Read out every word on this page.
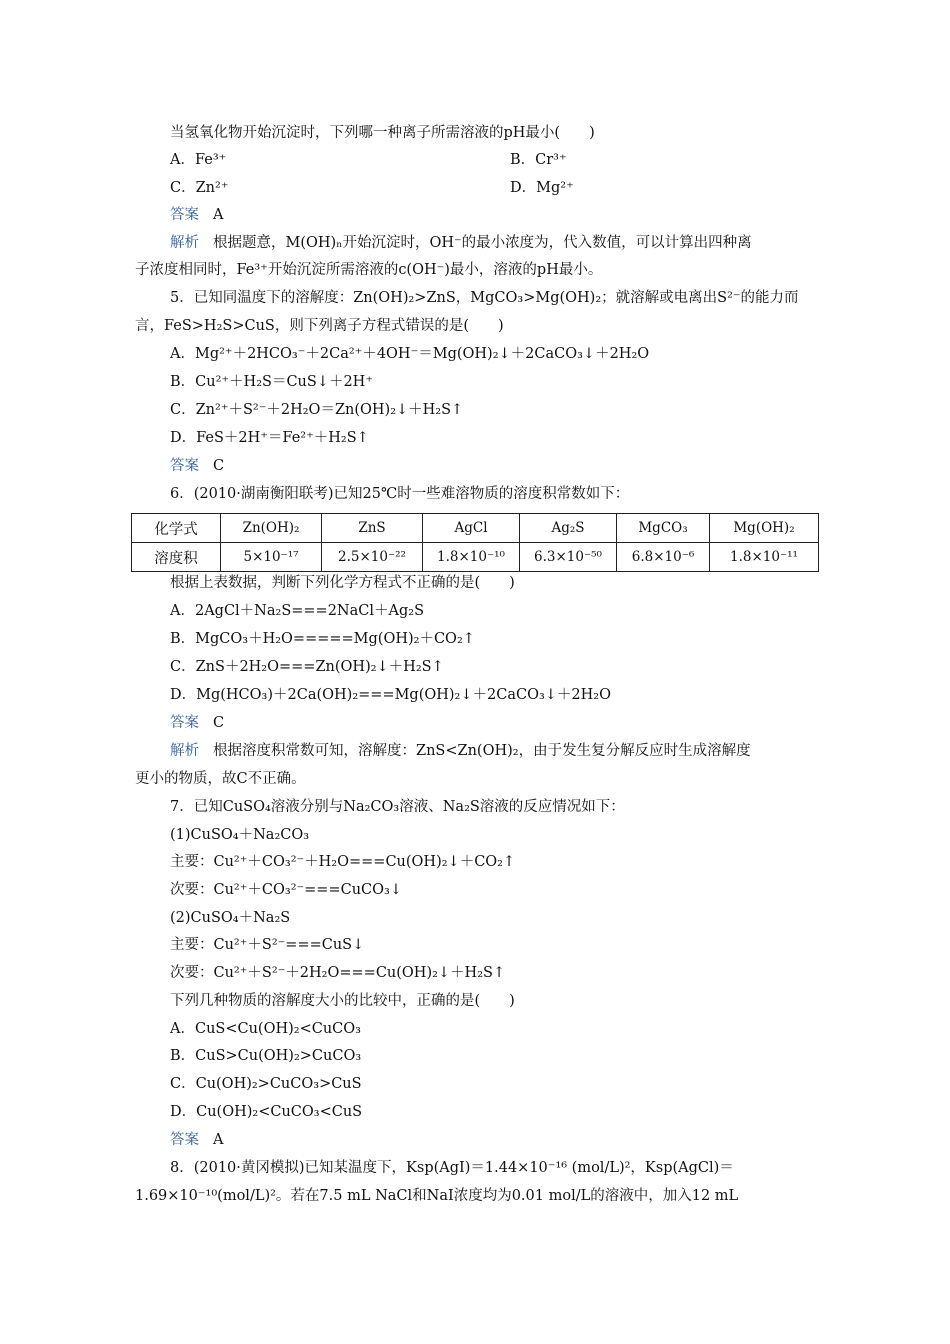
当氢氧化物开始沉淀时，下列哪一种离子所需溶液的pH最小(　　)
A．Fe³⁺	B．Cr³⁺
C．Zn²⁺	D．Mg²⁺
答案 A
解析 根据题意，M(OH)ₙ开始沉淀时，OH⁻的最小浓度为，代入数值，可以计算出四种离
子浓度相同时，Fe³⁺开始沉淀所需溶液的c(OH⁻)最小，溶液的pH最小。
5．已知同温度下的溶解度：Zn(OH)₂>ZnS，MgCO₃>Mg(OH)₂；就溶解或电离出S²⁻的能力而
言，FeS>H₂S>CuS，则下列离子方程式错误的是(　　)
A．Mg²⁺＋2HCO₃⁻＋2Ca²⁺＋4OH⁻＝Mg(OH)₂↓＋2CaCO₃↓＋2H₂O
B．Cu²⁺＋H₂S＝CuS↓＋2H⁺
C．Zn²⁺＋S²⁻＋2H₂O＝Zn(OH)₂↓＋H₂S↑
D．FeS＋2H⁺＝Fe²⁺＋H₂S↑
答案 C
6．(2010·湖南衡阳联考)已知25℃时一些难溶物质的溶度积常数如下：
化学式	Zn(OH)₂	ZnS	AgCl	Ag₂S	MgCO₃	Mg(OH)₂
溶度积	5×10⁻¹⁷	2.5×10⁻²²	1.8×10⁻¹⁰	6.3×10⁻⁵⁰	6.8×10⁻⁶	1.8×10⁻¹¹
根据上表数据，判断下列化学方程式不正确的是(　　)
A．2AgCl＋Na₂S===2NaCl＋Ag₂S
B．MgCO₃＋H₂O=====Mg(OH)₂＋CO₂↑
C．ZnS＋2H₂O===Zn(OH)₂↓＋H₂S↑
D．Mg(HCO₃)＋2Ca(OH)₂===Mg(OH)₂↓＋2CaCO₃↓＋2H₂O
答案 C
解析 根据溶度积常数可知，溶解度：ZnS<Zn(OH)₂，由于发生复分解反应时生成溶解度
更小的物质，故C不正确。
7．已知CuSO₄溶液分别与Na₂CO₃溶液、Na₂S溶液的反应情况如下：
(1)CuSO₄＋Na₂CO₃
主要：Cu²⁺＋CO₃²⁻＋H₂O===Cu(OH)₂↓＋CO₂↑
次要：Cu²⁺＋CO₃²⁻===CuCO₃↓
(2)CuSO₄＋Na₂S
主要：Cu²⁺＋S²⁻===CuS↓
次要：Cu²⁺＋S²⁻＋2H₂O===Cu(OH)₂↓＋H₂S↑
下列几种物质的溶解度大小的比较中，正确的是(　　)
A．CuS<Cu(OH)₂<CuCO₃
B．CuS>Cu(OH)₂>CuCO₃
C．Cu(OH)₂>CuCO₃>CuS
D．Cu(OH)₂<CuCO₃<CuS
答案 A
8．(2010·黄冈模拟)已知某温度下，Ksp(AgI)＝1.44×10⁻¹⁶ (mol/L)²，Ksp(AgCl)＝
1.69×10⁻¹⁰(mol/L)²。若在7.5 mL NaCl和NaI浓度均为0.01 mol/L的溶液中，加入12 mL
